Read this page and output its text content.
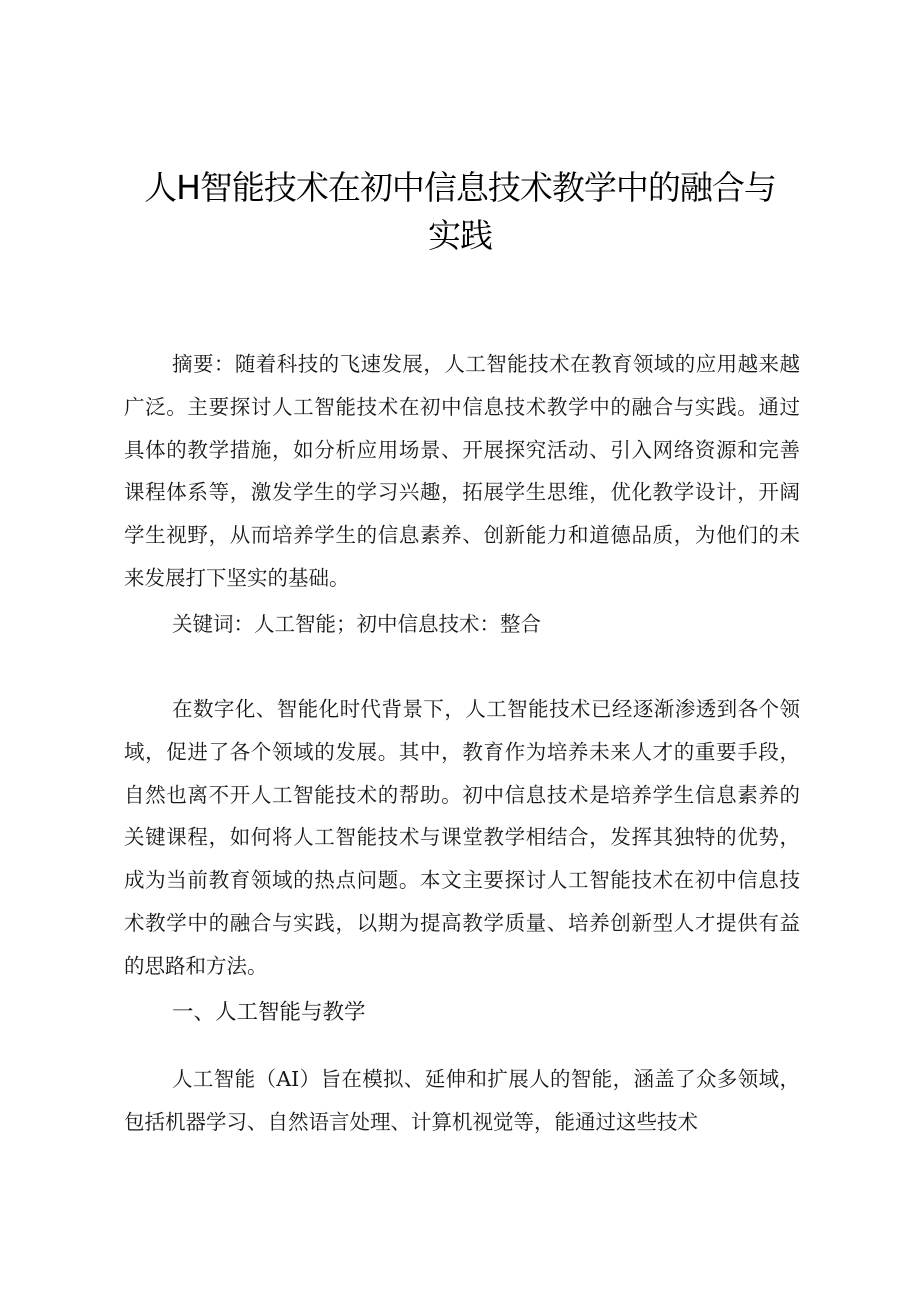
人H智能技术在初中信息技术教学中的融合与
实践

摘要：随着科技的飞速发展，人工智能技术在教育领域的应用越来越广泛。主要探讨人工智能技术在初中信息技术教学中的融合与实践。通过具体的教学措施，如分析应用场景、开展探究活动、引入网络资源和完善课程体系等，激发学生的学习兴趣，拓展学生思维，优化教学设计，开阔学生视野，从而培养学生的信息素养、创新能力和道德品质，为他们的未来发展打下坚实的基础。

关键词：人工智能；初中信息技术：整合

在数字化、智能化时代背景下，人工智能技术已经逐渐渗透到各个领域，促进了各个领域的发展。其中，教育作为培养未来人才的重要手段，自然也离不开人工智能技术的帮助。初中信息技术是培养学生信息素养的关键课程，如何将人工智能技术与课堂教学相结合，发挥其独特的优势，成为当前教育领域的热点问题。本文主要探讨人工智能技术在初中信息技术教学中的融合与实践，以期为提高教学质量、培养创新型人才提供有益的思路和方法。

一、人工智能与教学

人工智能（AI）旨在模拟、延伸和扩展人的智能，涵盖了众多领域，包括机器学习、自然语言处理、计算机视觉等，能通过这些技术
